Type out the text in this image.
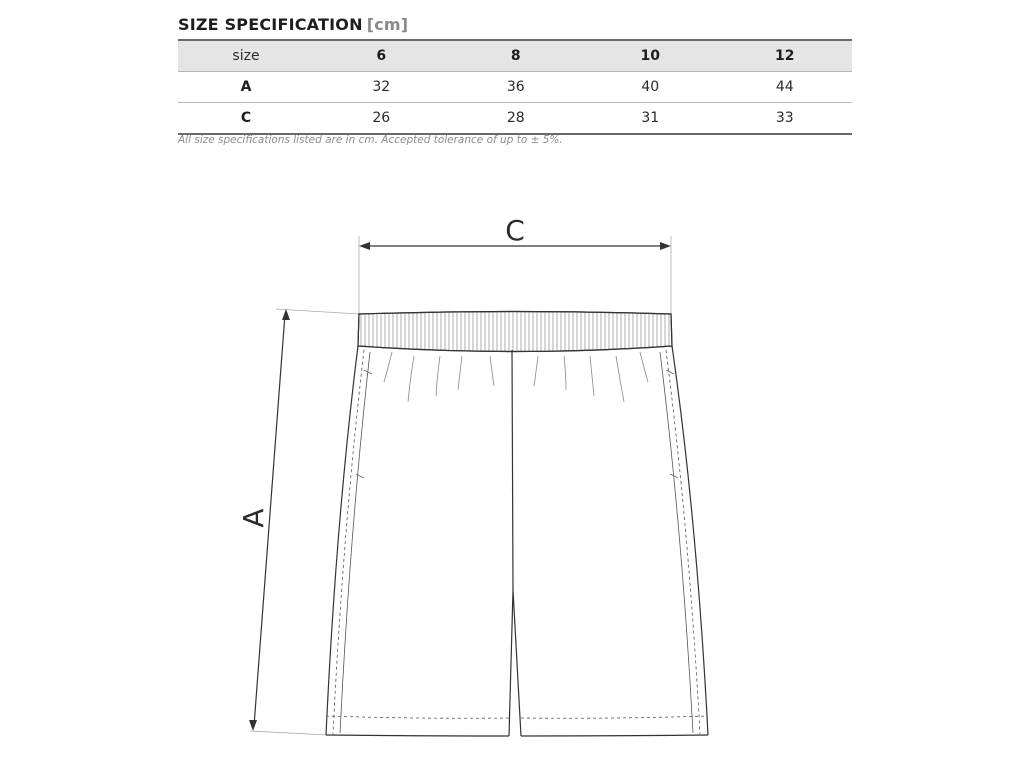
SIZE SPECIFICATION [cm]
size	6	8	10	12
A	32	36	40	44
C	26	28	31	33
All size specifications listed are in cm. Accepted tolerance of up to ± 5%.
C
A
